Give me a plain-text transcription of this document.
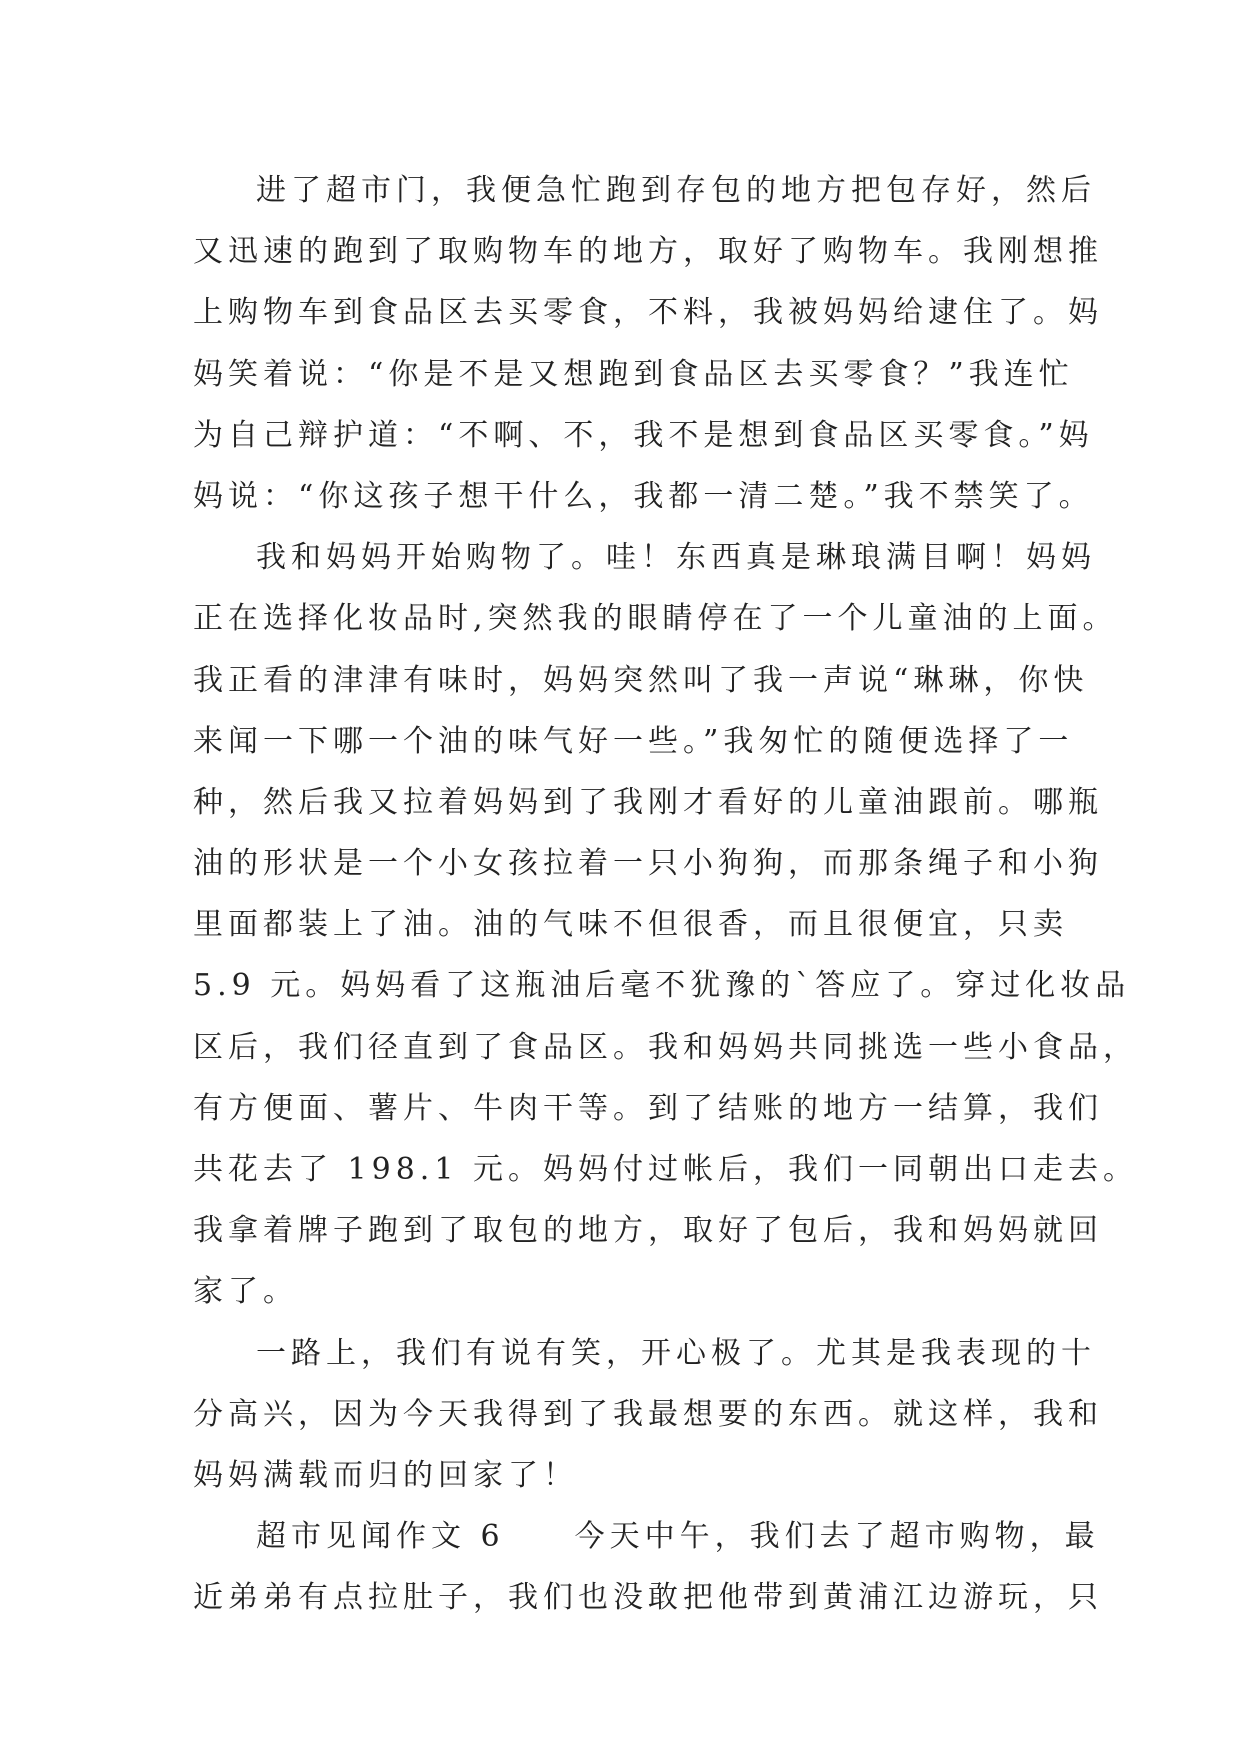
进了超市门，我便急忙跑到存包的地方把包存好，然后

又迅速的跑到了取购物车的地方，取好了购物车。我刚想推

上购物车到食品区去买零食，不料，我被妈妈给逮住了。妈

妈笑着说：“你是不是又想跑到食品区去买零食？”我连忙

为自己辩护道：“不啊、不，我不是想到食品区买零食。”妈

妈说：“你这孩子想干什么，我都一清二楚。”我不禁笑了。

我和妈妈开始购物了。哇！东西真是琳琅满目啊！妈妈

正在选择化妆品时,突然我的眼睛停在了一个儿童油的上面。

我正看的津津有味时，妈妈突然叫了我一声说“琳琳，你快

来闻一下哪一个油的味气好一些。”我匆忙的随便选择了一

种，然后我又拉着妈妈到了我刚才看好的儿童油跟前。哪瓶

油的形状是一个小女孩拉着一只小狗狗，而那条绳子和小狗

里面都装上了油。油的气味不但很香，而且很便宜，只卖

5.9 元。妈妈看了这瓶油后毫不犹豫的`答应了。穿过化妆品

区后，我们径直到了食品区。我和妈妈共同挑选一些小食品，

有方便面、薯片、牛肉干等。到了结账的地方一结算，我们

共花去了 198.1 元。妈妈付过帐后，我们一同朝出口走去。

我拿着牌子跑到了取包的地方，取好了包后，我和妈妈就回

家了。

一路上，我们有说有笑，开心极了。尤其是我表现的十

分高兴，因为今天我得到了我最想要的东西。就这样，我和

妈妈满载而归的回家了！

超市见闻作文 6　　今天中午，我们去了超市购物，最

近弟弟有点拉肚子，我们也没敢把他带到黄浦江边游玩，只
